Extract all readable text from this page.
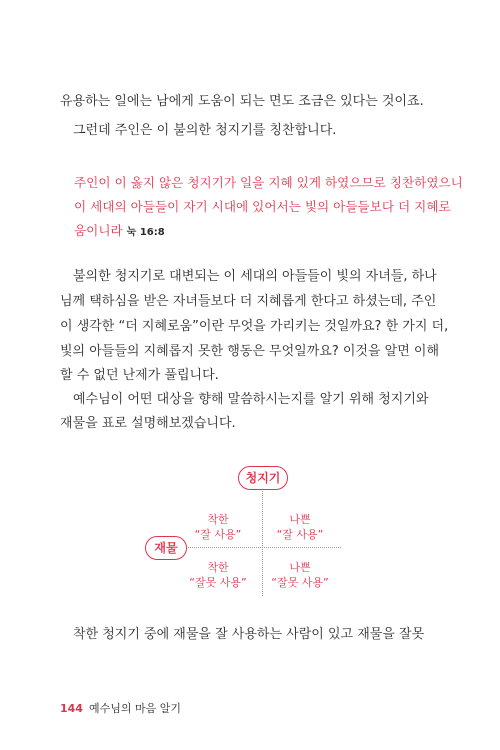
유용하는 일에는 남에게 도움이 되는 면도 조금은 있다는 것이죠.
그런데 주인은 이 불의한 청지기를 칭찬합니다.
주인이 이 옳지 않은 청지기가 일을 지혜 있게 하였으므로 칭찬하였으니
이 세대의 아들들이 자기 시대에 있어서는 빛의 아들들보다 더 지혜로
움이니라 눅 16:8
불의한 청지기로 대변되는 이 세대의 아들들이 빛의 자녀들, 하나
님께 택하심을 받은 자녀들보다 더 지혜롭게 한다고 하셨는데, 주인
이 생각한 “더 지혜로움”이란 무엇을 가리키는 것일까요? 한 가지 더,
빛의 아들들의 지혜롭지 못한 행동은 무엇일까요? 이것을 알면 이해
할 수 없던 난제가 풀립니다.
예수님이 어떤 대상을 향해 말씀하시는지를 알기 위해 청지기와
재물을 표로 설명해보겠습니다.
청지기
재물
착한
“잘 사용”
나쁜
“잘 사용”
착한
“잘못 사용”
나쁜
“잘못 사용”
착한 청지기 중에 재물을 잘 사용하는 사람이 있고 재물을 잘못
144 예수님의 마음 알기
